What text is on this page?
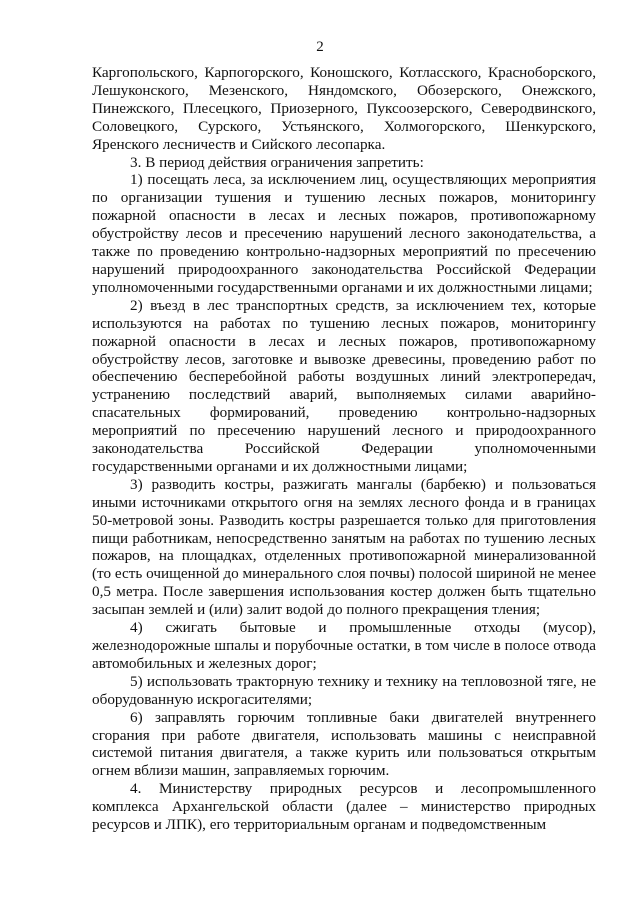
2

Каргопольского, Карпогорского, Коношского, Котласского, Красноборского, Лешуконского, Мезенского, Няндомского, Обозерского, Онежского, Пинежского, Плесецкого, Приозерного, Пуксоозерского, Северодвинского, Соловецкого, Сурского, Устьянского, Холмогорского, Шенкурского, Яренского лесничеств и Сийского лесопарка.

3. В период действия ограничения запретить:

1) посещать леса, за исключением лиц, осуществляющих мероприятия по организации тушения и тушению лесных пожаров, мониторингу пожарной опасности в лесах и лесных пожаров, противопожарному обустройству лесов и пресечению нарушений лесного законодательства, а также по проведению контрольно-надзорных мероприятий по пресечению нарушений природоохранного законодательства Российской Федерации уполномоченными государственными органами и их должностными лицами;

2) въезд в лес транспортных средств, за исключением тех, которые используются на работах по тушению лесных пожаров, мониторингу пожарной опасности в лесах и лесных пожаров, противопожарному обустройству лесов, заготовке и вывозке древесины, проведению работ по обеспечению бесперебойной работы воздушных линий электропередач, устранению последствий аварий, выполняемых силами аварийно-спасательных формирований, проведению контрольно-надзорных мероприятий по пресечению нарушений лесного и природоохранного законодательства Российской Федерации уполномоченными государственными органами и их должностными лицами;

3) разводить костры, разжигать мангалы (барбекю) и пользоваться иными источниками открытого огня на землях лесного фонда и в границах 50-метровой зоны. Разводить костры разрешается только для приготовления пищи работникам, непосредственно занятым на работах по тушению лесных пожаров, на площадках, отделенных противопожарной минерализованной (то есть очищенной до минерального слоя почвы) полосой шириной не менее 0,5 метра. После завершения использования костер должен быть тщательно засыпан землей и (или) залит водой до полного прекращения тления;

4) сжигать бытовые и промышленные отходы (мусор), железнодорожные шпалы и порубочные остатки, в том числе в полосе отвода автомобильных и железных дорог;

5) использовать тракторную технику и технику на тепловозной тяге, не оборудованную искрогасителями;

6) заправлять горючим топливные баки двигателей внутреннего сгорания при работе двигателя, использовать машины с неисправной системой питания двигателя, а также курить или пользоваться открытым огнем вблизи машин, заправляемых горючим.

4. Министерству природных ресурсов и лесопромышленного комплекса Архангельской области (далее – министерство природных ресурсов и ЛПК), его территориальным органам и подведомственным
